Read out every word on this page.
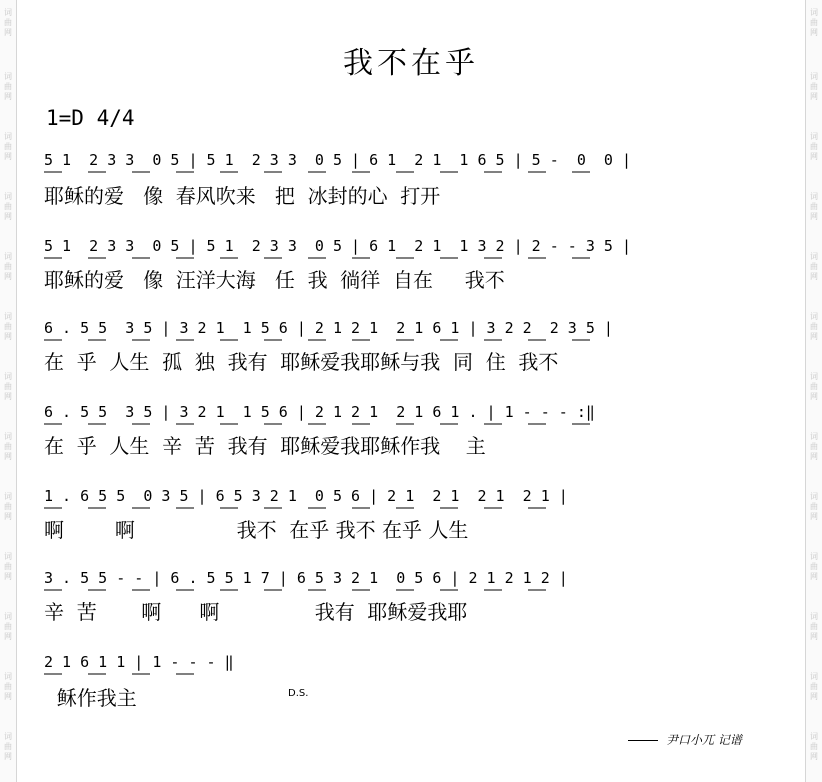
词
曲
网
词
曲
网
词
曲
网
词
曲
网
词
曲
网
词
曲
网
词
曲
网
词
曲
网
词
曲
网
词
曲
网
词
曲
网
词
曲
网
词
曲
网
词
曲
网
词
曲
网
词
曲
网
词
曲
网
词
曲
网
词
曲
网
词
曲
网
词
曲
网
词
曲
网
词
曲
网
词
曲
网
词
曲
网
词
曲
网
我不在乎
1=D 4/4
5 1  2 3 3  0 5 | 5 1  2 3 3  0 5 | 6 1  2 1  1 6 5 | 5 -  0  0 |
耶稣的爱   像  春风吹来   把  冰封的心  打开
5 1  2 3 3  0 5 | 5 1  2 3 3  0 5 | 6 1  2 1  1 3 2 | 2 - - 3 5 |
耶稣的爱   像  汪洋大海   任  我  徜徉  自在     我不
6 . 5 5  3 5 | 3 2 1  1 5 6 | 2 1 2 1  2 1 6 1 | 3 2 2  2 3 5 |
在  乎  人生  孤  独  我有  耶稣爱我耶稣与我  同  住  我不
6 . 5 5  3 5 | 3 2 1  1 5 6 | 2 1 2 1  2 1 6 1 . | 1 - - - :‖
在  乎  人生  辛  苦  我有  耶稣爱我耶稣作我    主
1 . 6 5 5  0 3 5 | 6 5 3 2 1  0 5 6 | 2 1  2 1  2 1  2 1 |
啊        啊                我不  在乎 我不 在乎 人生
3 . 5 5 - - | 6 . 5 5 1 7 | 6 5 3 2 1  0 5 6 | 2 1 2 1 2 |
辛  苦       啊      啊               我有  耶稣爱我耶
2 1 6 1 1 | 1 - - - ‖
稣作我主	D.S.
尹口小兀 记谱
